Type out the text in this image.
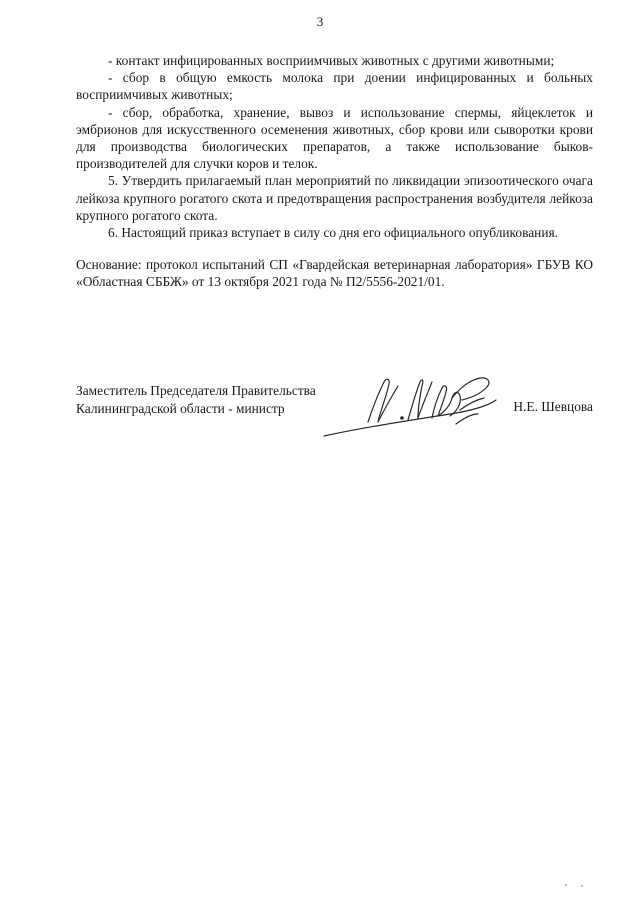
3

- контакт инфицированных восприимчивых животных с другими животными;

- сбор в общую емкость молока при доении инфицированных и больных восприимчивых животных;

- сбор, обработка, хранение, вывоз и использование спермы, яйцеклеток и эмбрионов для искусственного осеменения животных, сбор крови или сыворотки крови для производства биологических препаратов, а также использование быков-производителей для случки коров и телок.

5. Утвердить прилагаемый план мероприятий по ликвидации эпизоотического очага лейкоза крупного рогатого скота и предотвращения распространения возбудителя лейкоза крупного рогатого скота.

6. Настоящий приказ вступает в силу со дня его официального опубликования.

Основание: протокол испытаний СП «Гвардейская ветеринарная лаборатория» ГБУВ КО «Областная СББЖ» от 13 октября 2021 года № П2/5556-2021/01.

Заместитель Председателя Правительства
Калининградской области - министр	Н.Е. Шевцова
